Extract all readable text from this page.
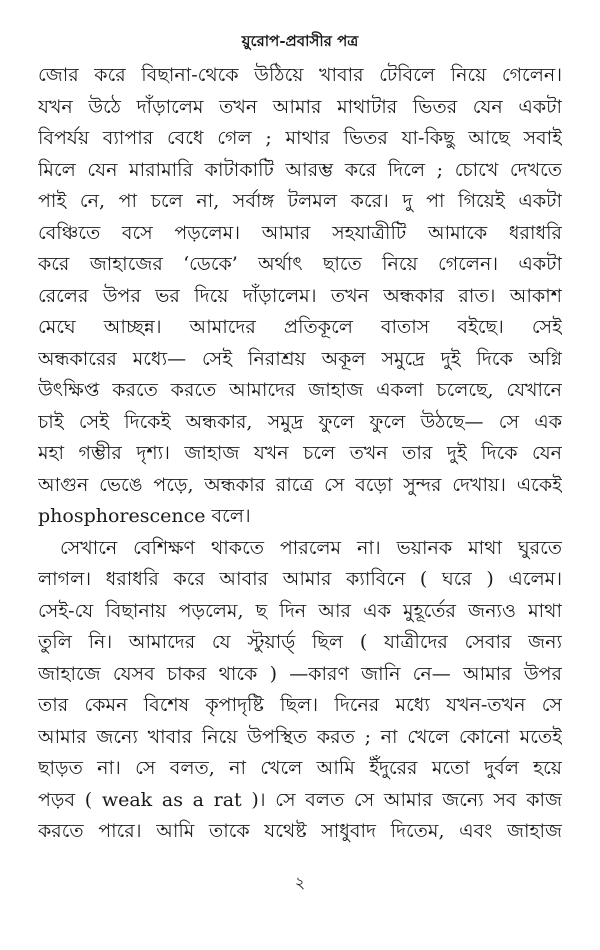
য়ুরোপ-প্রবাসীর পত্র
জোর করে বিছানা-থেকে উঠিয়ে খাবার টেবিলে নিয়ে গেলেন।
যখন উঠে দাঁড়ালেম তখন আমার মাথাটার ভিতর যেন একটা
বিপর্যয় ব্যাপার বেধে গেল ; মাথার ভিতর যা-কিছু আছে সবাই
মিলে যেন মারামারি কাটাকাটি আরম্ভ করে দিলে ; চোখে দেখতে
পাই নে, পা চলে না, সর্বাঙ্গ টলমল করে। দু পা গিয়েই একটা
বেঞ্চিতে বসে পড়লেম। আমার সহযাত্রীটি আমাকে ধরাধরি
করে জাহাজের ‘ডেকে’ অর্থাৎ ছাতে নিয়ে গেলেন। একটা
রেলের উপর ভর দিয়ে দাঁড়ালেম। তখন অন্ধকার রাত। আকাশ
মেঘে আচ্ছন্ন। আমাদের প্রতিকূলে বাতাস বইছে। সেই
অন্ধকারের মধ্যে— সেই নিরাশ্রয় অকূল সমুদ্রে দুই দিকে অগ্নি
উৎক্ষিপ্ত করতে করতে আমাদের জাহাজ একলা চলেছে, যেখানে
চাই সেই দিকেই অন্ধকার, সমুদ্র ফুলে ফুলে উঠছে— সে এক
মহা গম্ভীর দৃশ্য। জাহাজ যখন চলে তখন তার দুই দিকে যেন
আগুন ভেঙে পড়ে, অন্ধকার রাত্রে সে বড়ো সুন্দর দেখায়। একেই
phosphorescence বলে।
সেখানে বেশিক্ষণ থাকতে পারলেম না। ভয়ানক মাথা ঘুরতে
লাগল। ধরাধরি করে আবার আমার ক্যাবিনে ( ঘরে ) এলেম।
সেই-যে বিছানায় পড়লেম, ছ দিন আর এক মুহূর্তের জন্যও মাথা
তুলি নি। আমাদের যে স্টুয়ার্ড্ ছিল ( যাত্রীদের সেবার জন্য
জাহাজে যেসব চাকর থাকে ) —কারণ জানি নে— আমার উপর
তার কেমন বিশেষ কৃপাদৃষ্টি ছিল। দিনের মধ্যে যখন-তখন সে
আমার জন্যে খাবার নিয়ে উপস্থিত করত ; না খেলে কোনো মতেই
ছাড়ত না। সে বলত, না খেলে আমি ইঁদুরের মতো দুর্বল হয়ে
পড়ব ( weak as a rat )। সে বলত সে আমার জন্যে সব কাজ
করতে পারে। আমি তাকে যথেষ্ট সাধুবাদ দিতেম, এবং জাহাজ
২
